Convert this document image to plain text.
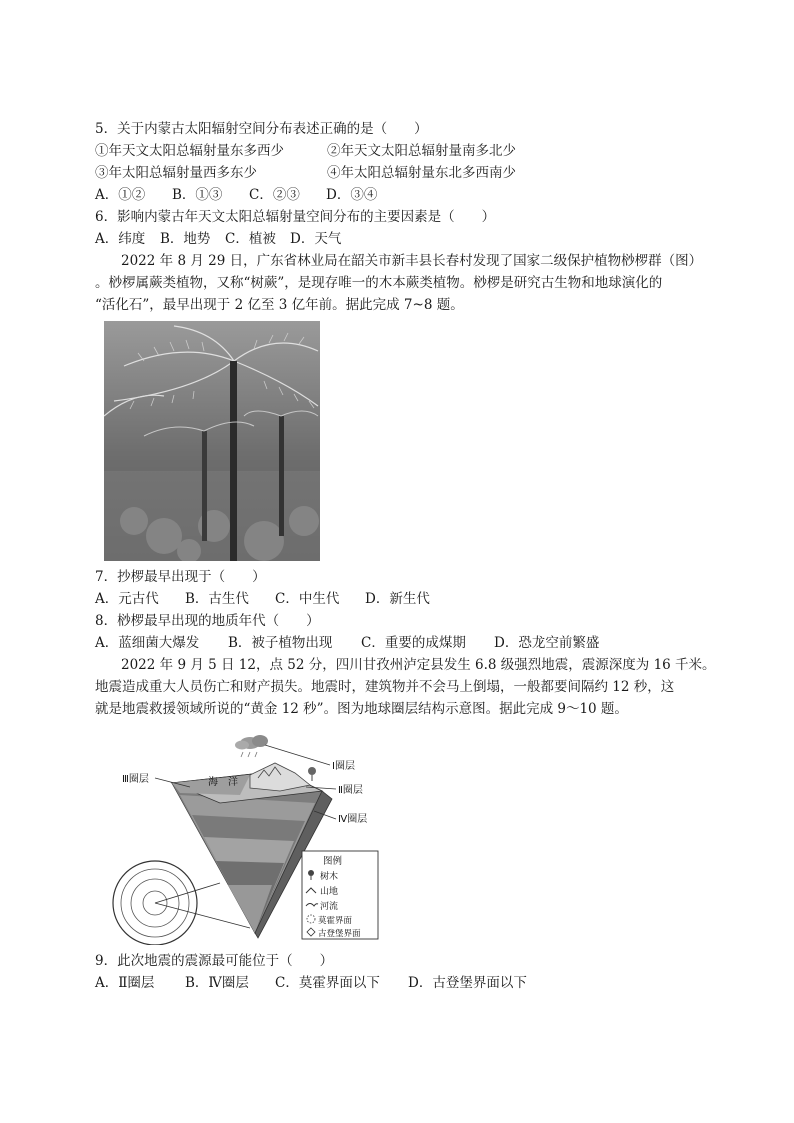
5．关于内蒙古太阳辐射空间分布表述正确的是（　　）
①年天文太阳总辐射量东多西少	②年天文太阳总辐射量南多北少
③年太阳总辐射量西多东少	④年太阳总辐射量东北多西南少
A．①② B．①③ C．②③ D．③④
6．影响内蒙古年天文太阳总辐射量空间分布的主要因素是（　　）
A．纬度 B．地势 C．植被 D．天气
2022 年 8 月 29 日，广东省林业局在韶关市新丰县长春村发现了国家二级保护植物桫椤群（图）
。桫椤属蕨类植物，又称“树蕨”，是现存唯一的木本蕨类植物。桫椤是研究古生物和地球演化的
“活化石”，最早出现于 2 亿至 3 亿年前。据此完成 7~8 题。
7．抄椤最早出现于（　　）
A．元古代 B．古生代 C．中生代 D．新生代
8．桫椤最早出现的地质年代（　　）
A．蓝细菌大爆发 B．被子植物出现 C．重要的成煤期 D．恐龙空前繁盛
2022 年 9 月 5 日 12，点 52 分，四川甘孜州泸定县发生 6.8 级强烈地震，震源深度为 16 千米。
地震造成重大人员伤亡和财产损失。地震时，建筑物并不会马上倒塌，一般都要间隔约 12 秒，这
就是地震救援领域所说的“黄金 12 秒”。图为地球圈层结构示意图。据此完成 9～10 题。
海　洋
Ⅰ圈层
Ⅱ圈层
Ⅲ圈层
Ⅳ圈层
图例
树木
山地
河流
莫霍界面
古登堡界面
9．此次地震的震源最可能位于（　　）
A．Ⅱ圈层 B．Ⅳ圈层 C．莫霍界面以下 D．古登堡界面以下
